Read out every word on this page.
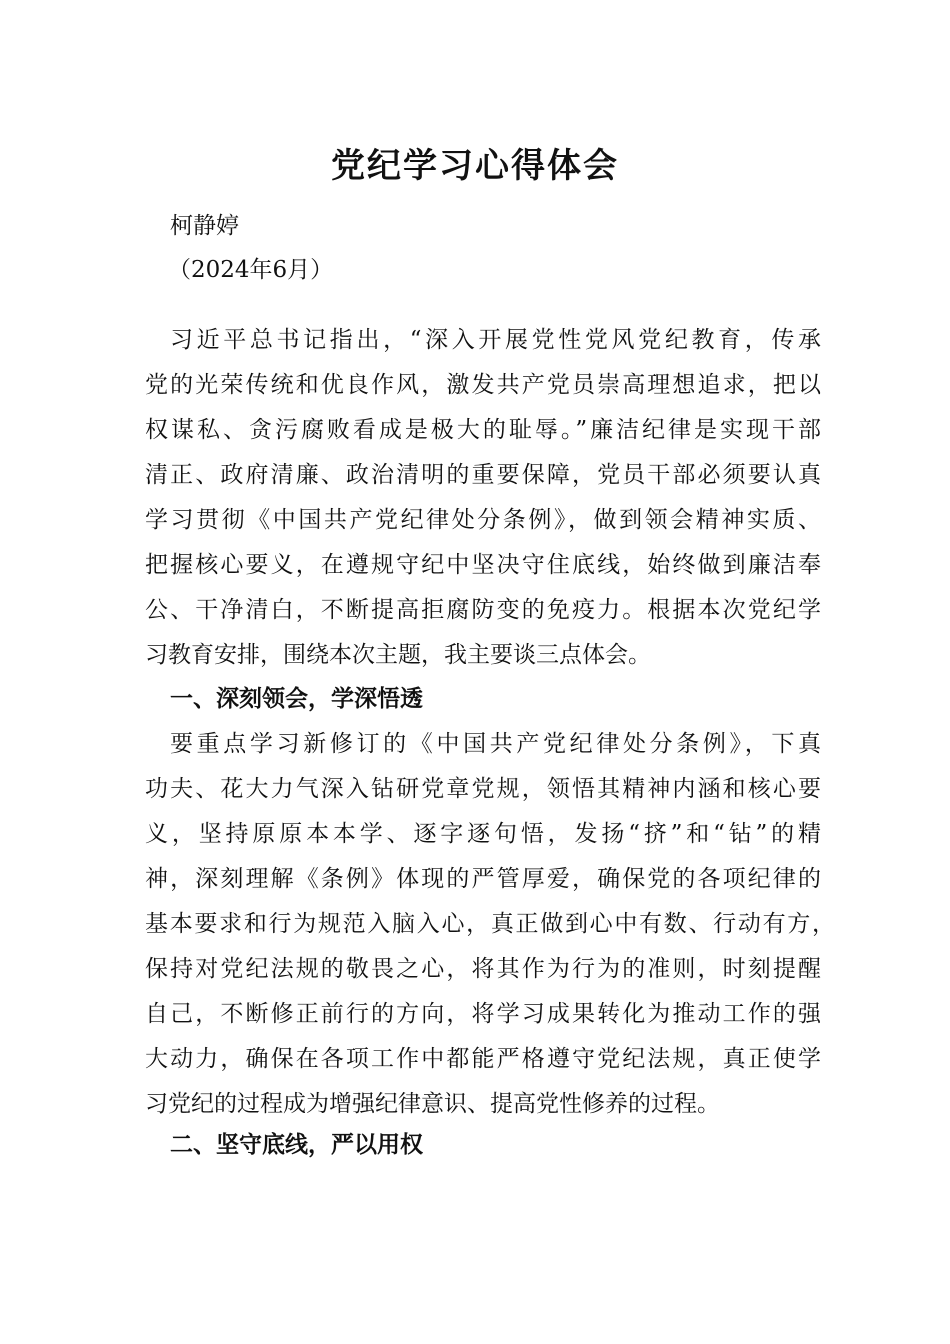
党纪学习心得体会
柯静婷
（2024年6月）
习近平总书记指出，“深入开展党性党风党纪教育，传承
党的光荣传统和优良作风，激发共产党员崇高理想追求，把以
权谋私、贪污腐败看成是极大的耻辱。”廉洁纪律是实现干部
清正、政府清廉、政治清明的重要保障，党员干部必须要认真
学习贯彻《中国共产党纪律处分条例》，做到领会精神实质、
把握核心要义，在遵规守纪中坚决守住底线，始终做到廉洁奉
公、干净清白，不断提高拒腐防变的免疫力。根据本次党纪学
习教育安排，围绕本次主题，我主要谈三点体会。
一、深刻领会，学深悟透
要重点学习新修订的《中国共产党纪律处分条例》，下真
功夫、花大力气深入钻研党章党规，领悟其精神内涵和核心要
义，坚持原原本本学、逐字逐句悟，发扬“挤”和“钻”的精
神，深刻理解《条例》体现的严管厚爱，确保党的各项纪律的
基本要求和行为规范入脑入心，真正做到心中有数、行动有方，
保持对党纪法规的敬畏之心，将其作为行为的准则，时刻提醒
自己，不断修正前行的方向，将学习成果转化为推动工作的强
大动力，确保在各项工作中都能严格遵守党纪法规，真正使学
习党纪的过程成为增强纪律意识、提高党性修养的过程。
二、坚守底线，严以用权
